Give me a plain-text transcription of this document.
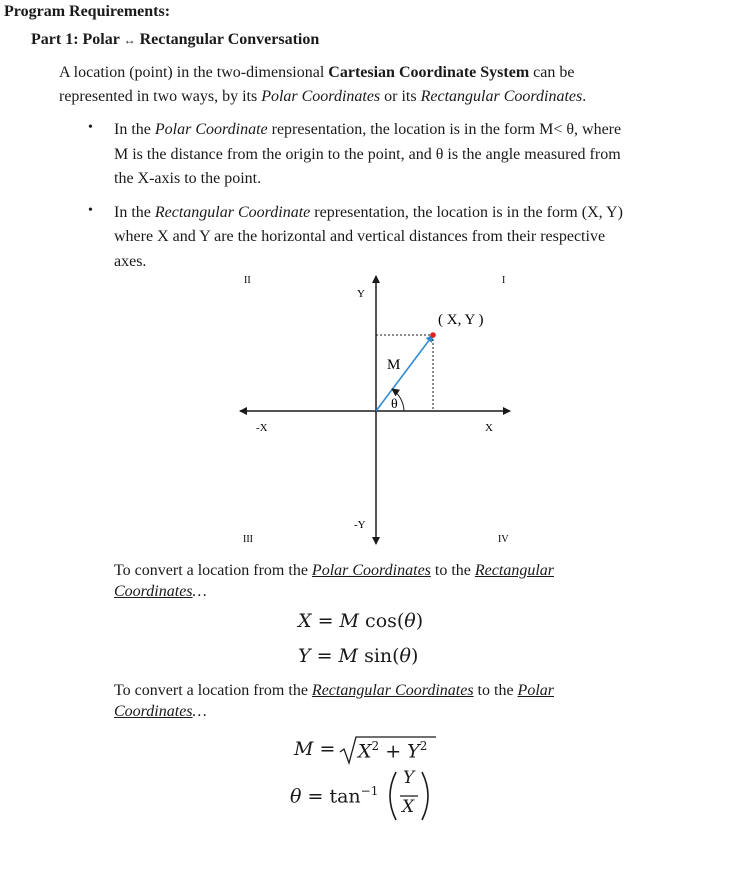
Program Requirements:
Part 1: Polar ↔ Rectangular Conversation
A location (point) in the two-dimensional Cartesian Coordinate System can be
represented in two ways, by its Polar Coordinates or its Rectangular Coordinates.
• In the Polar Coordinate representation, the location is in the form M< θ, where
M is the distance from the origin to the point, and θ is the angle measured from
the X-axis to the point.
• In the Rectangular Coordinate representation, the location is in the form (X, Y)
where X and Y are the horizontal and vertical distances from their respective
axes.
II	I
III	IV
Y
-Y
X
-X
( X, Y )
M
θ
To convert a location from the Polar Coordinates to the Rectangular
Coordinates…
X = M cos(θ)
Y = M sin(θ)
To convert a location from the Rectangular Coordinates to the Polar
Coordinates…
$M = X^2 + Y^2$
$\theta = \tan^{-1}$
Y
X
